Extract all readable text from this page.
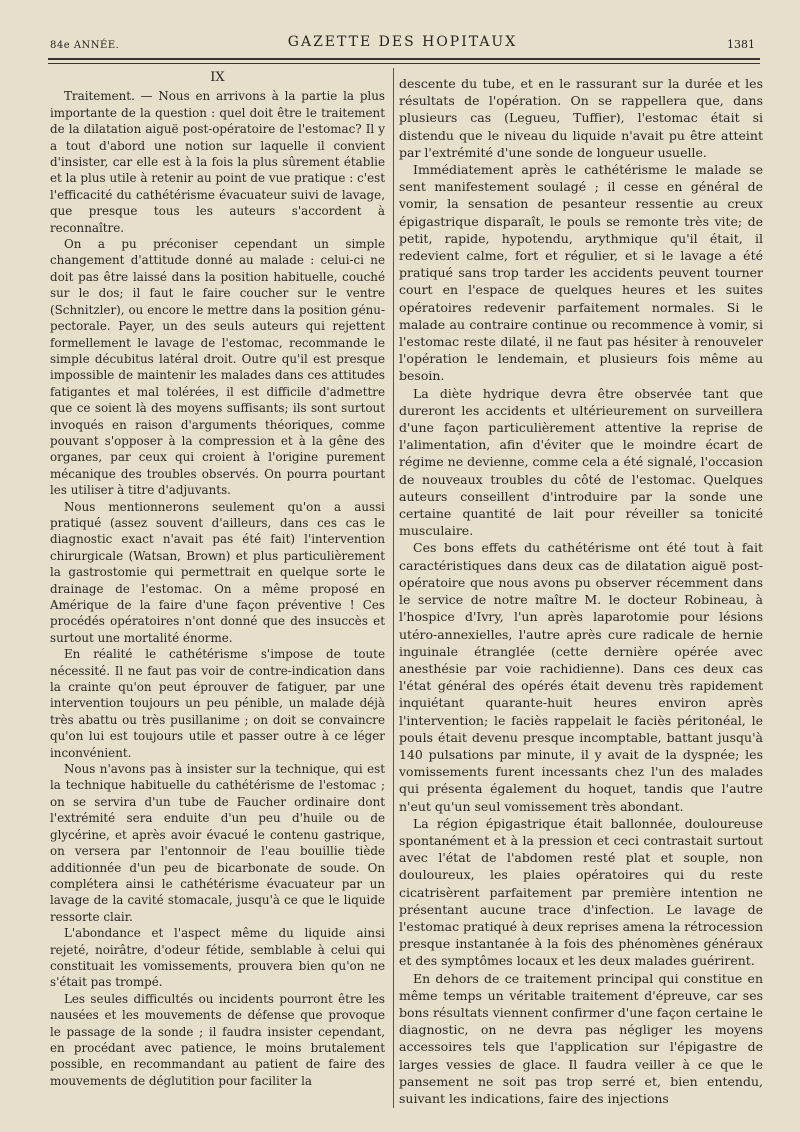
84e ANNÉE.	GAZETTE DES HOPITAUX	1381

IX

Traitement. — Nous en arrivons à la partie la plus importante de la question : quel doit être le traitement de la dilatation aiguë post-opératoire de l'estomac? Il y a tout d'abord une notion sur laquelle il convient d'insister, car elle est à la fois la plus sûrement établie et la plus utile à retenir au point de vue pratique : c'est l'efficacité du cathétérisme évacuateur suivi de lavage, que presque tous les auteurs s'accordent à reconnaître.

On a pu préconiser cependant un simple changement d'attitude donné au malade : celui-ci ne doit pas être laissé dans la position habituelle, couché sur le dos; il faut le faire coucher sur le ventre (Schnitzler), ou encore le mettre dans la position génu-pectorale. Payer, un des seuls auteurs qui rejettent formellement le lavage de l'estomac, recommande le simple décubitus latéral droit. Outre qu'il est presque impossible de maintenir les malades dans ces attitudes fatigantes et mal tolérées, il est difficile d'admettre que ce soient là des moyens suffisants; ils sont surtout invoqués en raison d'arguments théoriques, comme pouvant s'opposer à la compression et à la gêne des organes, par ceux qui croient à l'origine purement mécanique des troubles observés. On pourra pourtant les utiliser à titre d'adjuvants.

Nous mentionnerons seulement qu'on a aussi pratiqué (assez souvent d'ailleurs, dans ces cas le diagnostic exact n'avait pas été fait) l'intervention chirurgicale (Watsan, Brown) et plus particulièrement la gastrostomie qui permettrait en quelque sorte le drainage de l'estomac. On a même proposé en Amérique de la faire d'une façon préventive ! Ces procédés opératoires n'ont donné que des insuccès et surtout une mortalité énorme.

En réalité le cathétérisme s'impose de toute nécessité. Il ne faut pas voir de contre-indication dans la crainte qu'on peut éprouver de fatiguer, par une intervention toujours un peu pénible, un malade déjà très abattu ou très pusillanime ; on doit se convaincre qu'on lui est toujours utile et passer outre à ce léger inconvénient.

Nous n'avons pas à insister sur la technique, qui est la technique habituelle du cathétérisme de l'estomac ; on se servira d'un tube de Faucher ordinaire dont l'extrémité sera enduite d'un peu d'huile ou de glycérine, et après avoir évacué le contenu gastrique, on versera par l'entonnoir de l'eau bouillie tiède additionnée d'un peu de bicarbonate de soude. On complétera ainsi le cathétérisme évacuateur par un lavage de la cavité stomacale, jusqu'à ce que le liquide ressorte clair.

L'abondance et l'aspect même du liquide ainsi rejeté, noirâtre, d'odeur fétide, semblable à celui qui constituait les vomissements, prouvera bien qu'on ne s'était pas trompé.

Les seules difficultés ou incidents pourront être les nausées et les mouvements de défense que provoque le passage de la sonde ; il faudra insister cependant, en procédant avec patience, le moins brutalement possible, en recommandant au patient de faire des mouvements de déglutition pour faciliter la

descente du tube, et en le rassurant sur la durée et les résultats de l'opération. On se rappellera que, dans plusieurs cas (Legueu, Tuffier), l'estomac était si distendu que le niveau du liquide n'avait pu être atteint par l'extrémité d'une sonde de longueur usuelle.

Immédiatement après le cathétérisme le malade se sent manifestement soulagé ; il cesse en général de vomir, la sensation de pesanteur ressentie au creux épigastrique disparaît, le pouls se remonte très vite; de petit, rapide, hypotendu, arythmique qu'il était, il redevient calme, fort et régulier, et si le lavage a été pratiqué sans trop tarder les accidents peuvent tourner court en l'espace de quelques heures et les suites opératoires redevenir parfaitement normales. Si le malade au contraire continue ou recommence à vomir, si l'estomac reste dilaté, il ne faut pas hésiter à renouveler l'opération le lendemain, et plusieurs fois même au besoin.

La diète hydrique devra être observée tant que dureront les accidents et ultérieurement on surveillera d'une façon particulièrement attentive la reprise de l'alimentation, afin d'éviter que le moindre écart de régime ne devienne, comme cela a été signalé, l'occasion de nouveaux troubles du côté de l'estomac. Quelques auteurs conseillent d'introduire par la sonde une certaine quantité de lait pour réveiller sa tonicité musculaire.

Ces bons effets du cathétérisme ont été tout à fait caractéristiques dans deux cas de dilatation aiguë post-opératoire que nous avons pu observer récemment dans le service de notre maître M. le docteur Robineau, à l'hospice d'Ivry, l'un après laparotomie pour lésions utéro-annexielles, l'autre après cure radicale de hernie inguinale étranglée (cette dernière opérée avec anesthésie par voie rachidienne). Dans ces deux cas l'état général des opérés était devenu très rapidement inquiétant quarante-huit heures environ après l'intervention; le faciès rappelait le faciès péritonéal, le pouls était devenu presque incomptable, battant jusqu'à 140 pulsations par minute, il y avait de la dyspnée; les vomissements furent incessants chez l'un des malades qui présenta également du hoquet, tandis que l'autre n'eut qu'un seul vomissement très abondant.

La région épigastrique était ballonnée, douloureuse spontanément et à la pression et ceci contrastait surtout avec l'état de l'abdomen resté plat et souple, non douloureux, les plaies opératoires qui du reste cicatrisèrent parfaitement par première intention ne présentant aucune trace d'infection. Le lavage de l'estomac pratiqué à deux reprises amena la rétrocession presque instantanée à la fois des phénomènes généraux et des symptômes locaux et les deux malades guérirent.

En dehors de ce traitement principal qui constitue en même temps un véritable traitement d'épreuve, car ses bons résultats viennent confirmer d'une façon certaine le diagnostic, on ne devra pas négliger les moyens accessoires tels que l'application sur l'épigastre de larges vessies de glace. Il faudra veiller à ce que le pansement ne soit pas trop serré et, bien entendu, suivant les indications, faire des injections
